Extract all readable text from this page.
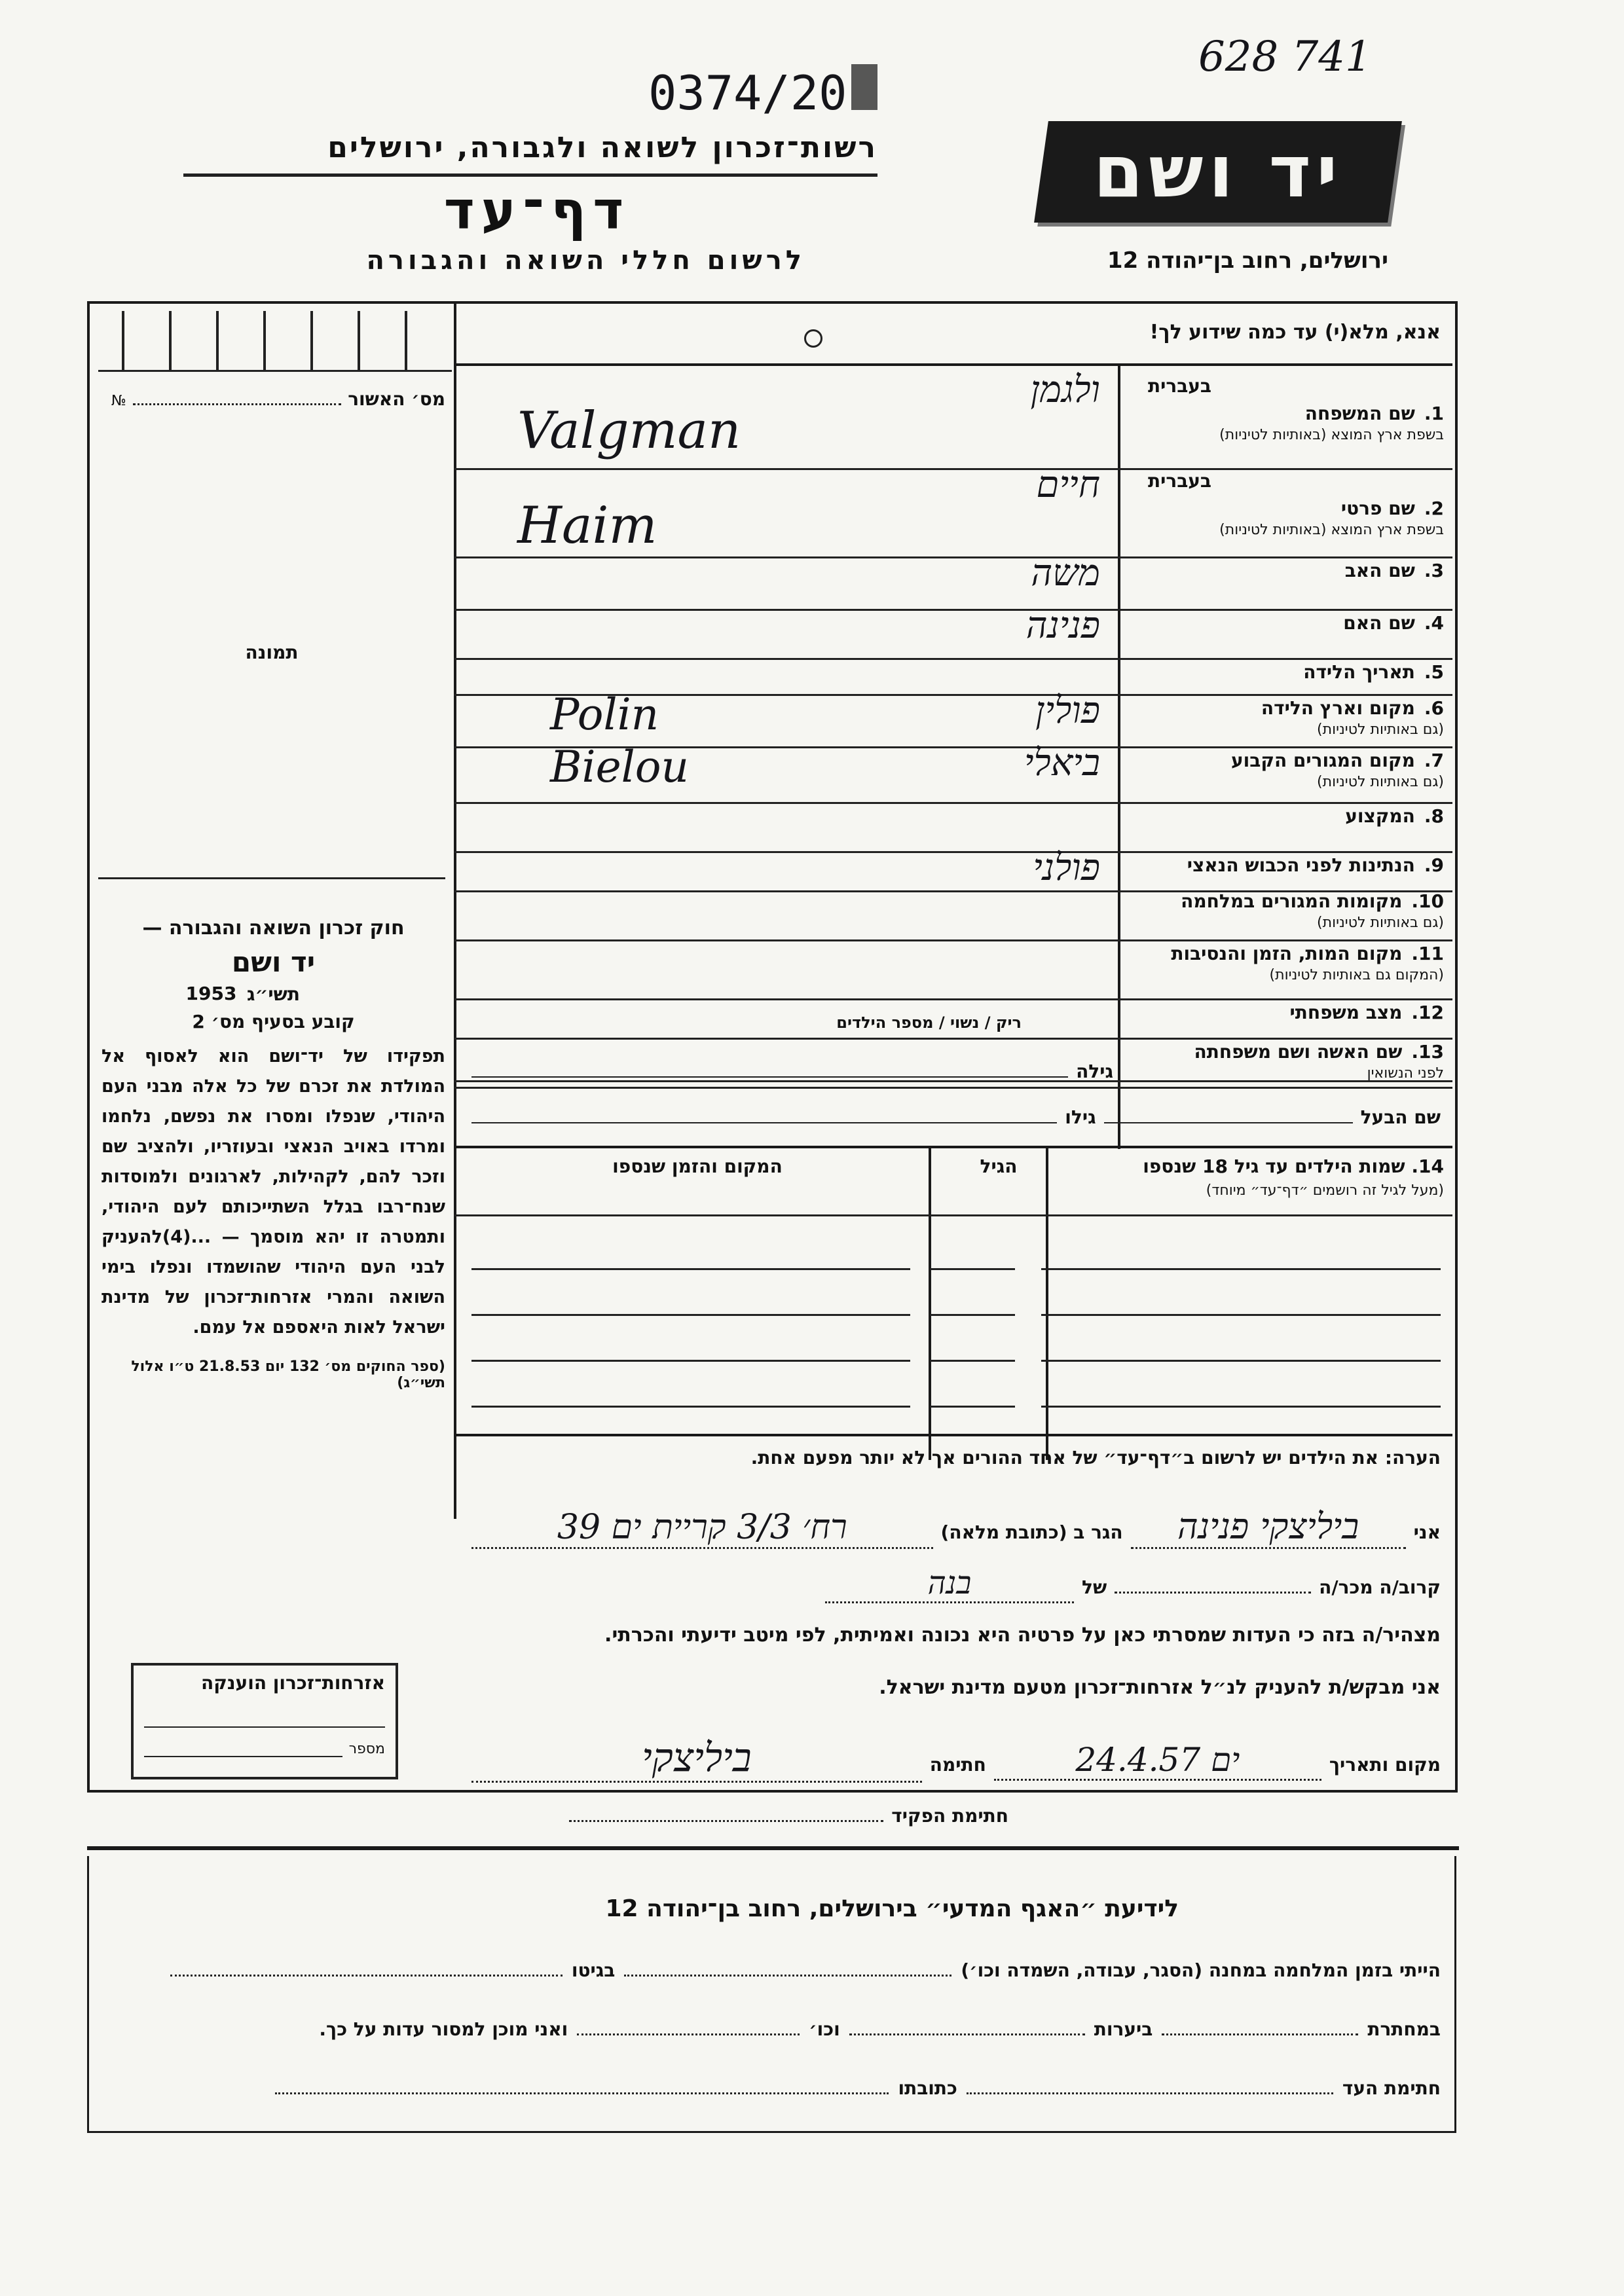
0374/20
628 741
יד ושם
רשות־זכרון לשואה ולגבורה, ירושלים
דף־עד
לרשום חללי השואה והגבורה	ירושלים, רחוב בן־יהודה 12
מס׳ האשור
№
תמונה
חוק זכרון השואה והגבורה —
יד ושם
תשי״ג
1953
קובע בסעיף מס׳ 2
תפקידו של יד־ושם הוא לאסוף אל המולדת את זכרם של כל אלה מבני העם היהודי, שנפלו ומסרו את נפשם, נלחמו ומרדו באויב הנאצי ובעוזריו, ולהציב שם וזכר להם, לקהילות, לארגונים ולמוסדות שנח־רבו בגלל השתייכותם לעם היהודי, ותמטרה זו יהא מוסמך — ...(4)להעניק לבני העם היהודי שהושמדו ונפלו בימי השואה והמרי אזרחות־זכרון של מדינת ישראל לאות היאספם אל עמם.
(ספר החוקים מס׳ 132 יום 21.8.53 ט״ו אלול תשי״ג)
אזרחות־זכרון הוענקה
מספר
אנא, מלא(י) עד כמה שידוע לך!
1.שם המשפחה
בשפת ארץ המוצא (באותיות לטיניות)
בעברית
ולגמן
Valgman
2.שם פרטי
בשפת ארץ המוצא (באותיות לטיניות)
בעברית
חיים
Haim
3.שם האב
משה
4.שם האם
פנינה
5.תאריך הלידה
6.מקום וארץ הלידה
(גם באותיות לטיניות)
פולין
Polin
7.מקום המגורים הקבוע
(גם באותיות לטיניות)
ביאלי
Bielou
8.המקצוע
9.הנתינות לפני הכבוש הנאצי
פולני
10.מקומות המגורים במלחמה
(גם באותיות לטיניות)
11.מקום המות, הזמן והנסיבות
(המקום גם באותיות לטיניות)
12.מצב משפחתי
13.שם האשה ושם משפחתה
לפני הנשואין
ריק / נשוי / מספר הילדים
גילה
שם הבעל
גילו
14. שמות הילדים עד גיל 18 שנספו
(מעל לגיל זה רושמים ״דף־עד״ מיוחד)
הגיל
המקום והזמן שנספו
הערה: את הילדים יש לרשום ב״דף־עד״ של אחד ההורים אך לא יותר מפעם אחת.
אני
ביליצקי פנינה
הגר ב (כתובת מלאה)
רח׳ 3/3 קריית ים 39
קרוב/ה מכר/ה
של
בנה
מצהיר/ה בזה כי העדות שמסרתי כאן על פרטיה היא נכונה ואמיתית, לפי מיטב ידיעתי והכרתי.
אני מבקש/ת להעניק לנ״ל אזרחות־זכרון מטעם מדינת ישראל.
מקום ותאריך
ים 24.4.57
חתימה
ביליצקי
חתימת הפקיד
לידיעת ״האגף המדעי״ בירושלים, רחוב בן־יהודה 12
הייתי בזמן המלחמה במחנה (הסגר, עבודה, השמדה וכו׳)
בגיטו
במחתרת
ביערות
וכו׳
ואני מוכן למסור עדות על כך.
חתימת העד
כתובתו
